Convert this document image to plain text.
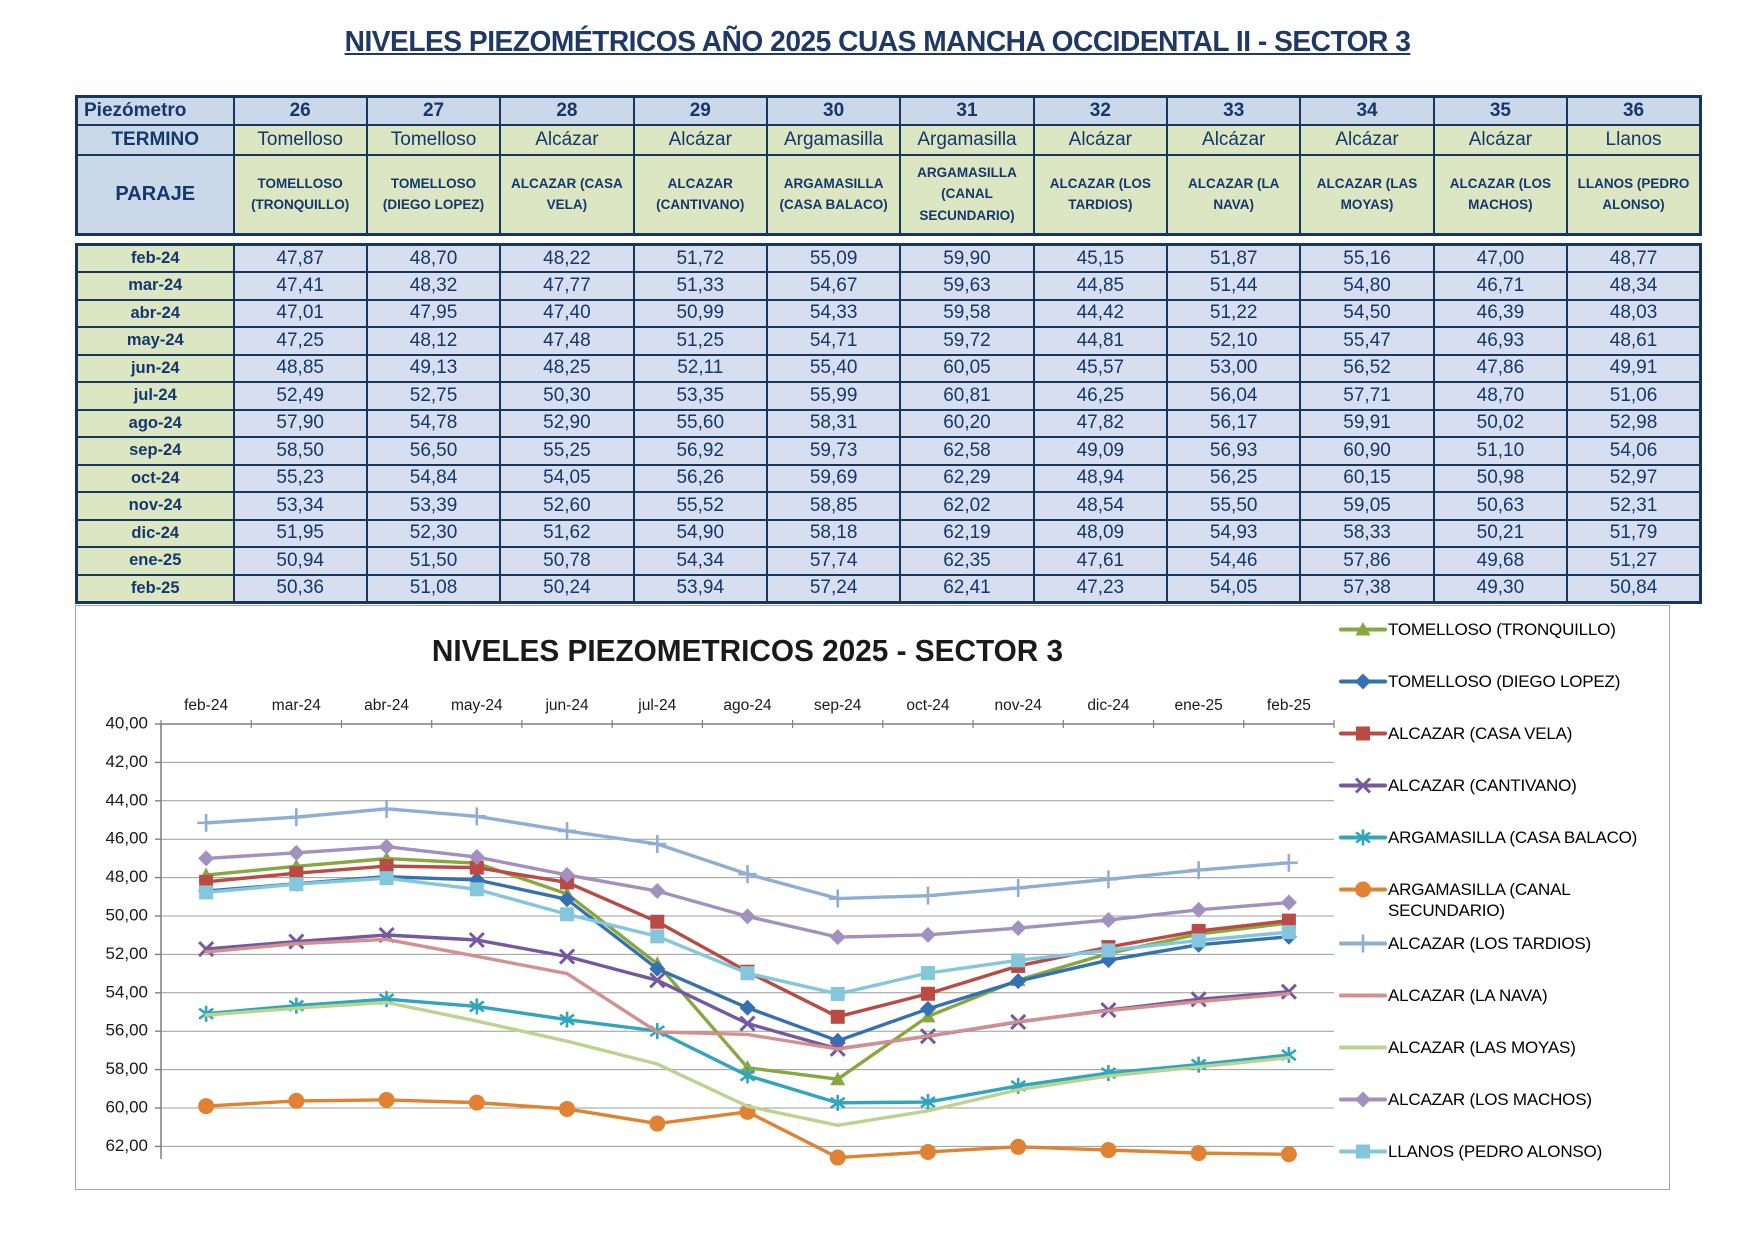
NIVELES PIEZOMÉTRICOS AÑO 2025 CUAS MANCHA OCCIDENTAL II - SECTOR 3
Piezómetro	26	27	28	29	30	31	32	33	34	35	36
TERMINO	Tomelloso	Tomelloso	Alcázar	Alcázar	Argamasilla	Argamasilla	Alcázar	Alcázar	Alcázar	Alcázar	Llanos
PARAJE	TOMELLOSO (TRONQUILLO)	TOMELLOSO (DIEGO LOPEZ)	ALCAZAR (CASA VELA)	ALCAZAR (CANTIVANO)	ARGAMASILLA (CASA BALACO)	ARGAMASILLA (CANAL SECUNDARIO)	ALCAZAR (LOS TARDIOS)	ALCAZAR (LA NAVA)	ALCAZAR (LAS MOYAS)	ALCAZAR (LOS MACHOS)	LLANOS (PEDRO ALONSO)
feb-24	47,87	48,70	48,22	51,72	55,09	59,90	45,15	51,87	55,16	47,00	48,77
mar-24	47,41	48,32	47,77	51,33	54,67	59,63	44,85	51,44	54,80	46,71	48,34
abr-24	47,01	47,95	47,40	50,99	54,33	59,58	44,42	51,22	54,50	46,39	48,03
may-24	47,25	48,12	47,48	51,25	54,71	59,72	44,81	52,10	55,47	46,93	48,61
jun-24	48,85	49,13	48,25	52,11	55,40	60,05	45,57	53,00	56,52	47,86	49,91
jul-24	52,49	52,75	50,30	53,35	55,99	60,81	46,25	56,04	57,71	48,70	51,06
ago-24	57,90	54,78	52,90	55,60	58,31	60,20	47,82	56,17	59,91	50,02	52,98
sep-24	58,50	56,50	55,25	56,92	59,73	62,58	49,09	56,93	60,90	51,10	54,06
oct-24	55,23	54,84	54,05	56,26	59,69	62,29	48,94	56,25	60,15	50,98	52,97
nov-24	53,34	53,39	52,60	55,52	58,85	62,02	48,54	55,50	59,05	50,63	52,31
dic-24	51,95	52,30	51,62	54,90	58,18	62,19	48,09	54,93	58,33	50,21	51,79
ene-25	50,94	51,50	50,78	54,34	57,74	62,35	47,61	54,46	57,86	49,68	51,27
feb-25	50,36	51,08	50,24	53,94	57,24	62,41	47,23	54,05	57,38	49,30	50,84
40,00
42,00
44,00
46,00
48,00
50,00
52,00
54,00
56,00
58,00
60,00
62,00
feb-24	mar-24	abr-24	may-24	jun-24	jul-24	ago-24	sep-24	oct-24	nov-24	dic-24	ene-25	feb-25
NIVELES PIEZOMETRICOS 2025 - SECTOR 3
TOMELLOSO (TRONQUILLO)
TOMELLOSO (DIEGO LOPEZ)
ALCAZAR (CASA VELA)
ALCAZAR (CANTIVANO)
ARGAMASILLA (CASA BALACO)
ARGAMASILLA (CANAL SECUNDARIO)
ALCAZAR (LOS TARDIOS)
ALCAZAR (LA NAVA)
ALCAZAR (LAS MOYAS)
ALCAZAR (LOS MACHOS)
LLANOS (PEDRO ALONSO)
